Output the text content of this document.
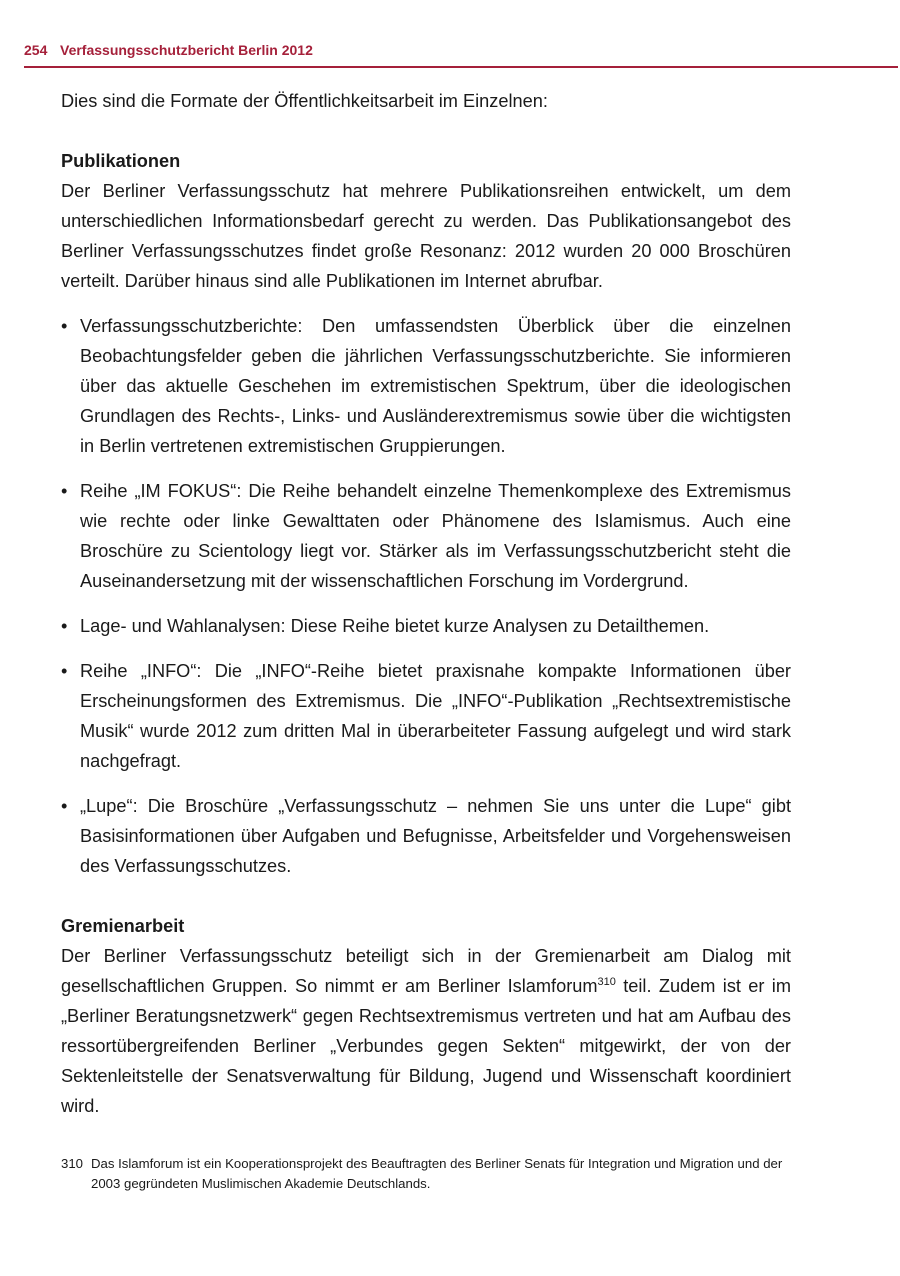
254 Verfassungsschutzbericht Berlin 2012

Dies sind die Formate der Öffentlichkeitsarbeit im Einzelnen:

Publikationen

Der Berliner Verfassungsschutz hat mehrere Publikationsreihen entwickelt, um dem unterschiedlichen Informationsbedarf gerecht zu werden. Das Publikationsangebot des Berliner Verfassungsschutzes findet große Resonanz: 2012 wurden 20 000 Broschüren verteilt. Darüber hinaus sind alle Publikationen im Internet abrufbar.

• Verfassungsschutzberichte: Den umfassendsten Überblick über die einzelnen Beobachtungsfelder geben die jährlichen Verfassungsschutzberichte. Sie informieren über das aktuelle Geschehen im extremistischen Spektrum, über die ideologischen Grundlagen des Rechts-, Links- und Ausländerextremismus sowie über die wichtigsten in Berlin vertretenen extremistischen Gruppierungen.
• Reihe „IM FOKUS“: Die Reihe behandelt einzelne Themenkomplexe des Extremismus wie rechte oder linke Gewalttaten oder Phänomene des Islamismus. Auch eine Broschüre zu Scientology liegt vor. Stärker als im Verfassungsschutzbericht steht die Auseinandersetzung mit der wissenschaftlichen Forschung im Vordergrund.
• Lage- und Wahlanalysen: Diese Reihe bietet kurze Analysen zu Detailthemen.
• Reihe „INFO“: Die „INFO“-Reihe bietet praxisnahe kompakte Informationen über Erscheinungsformen des Extremismus. Die „INFO“-Publikation „Rechtsextremistische Musik“ wurde 2012 zum dritten Mal in überarbeiteter Fassung aufgelegt und wird stark nachgefragt.
• „Lupe“: Die Broschüre „Verfassungsschutz – nehmen Sie uns unter die Lupe“ gibt Basisinformationen über Aufgaben und Befugnisse, Arbeitsfelder und Vorgehensweisen des Verfassungsschutzes.
Gremienarbeit

Der Berliner Verfassungsschutz beteiligt sich in der Gremienarbeit am Dialog mit gesellschaftlichen Gruppen. So nimmt er am Berliner Islamforum$^{310}$ teil. Zudem ist er im „Berliner Beratungsnetzwerk“ gegen Rechtsextremismus vertreten und hat am Aufbau des ressortübergreifenden Berliner „Verbundes gegen Sekten“ mitgewirkt, der von der Sektenleitstelle der Senatsverwaltung für Bildung, Jugend und Wissenschaft koordiniert wird.

310 Das Islamforum ist ein Kooperationsprojekt des Beauftragten des Berliner Senats für Integration und Migration und der 2003 gegründeten Muslimischen Akademie Deutschlands.
